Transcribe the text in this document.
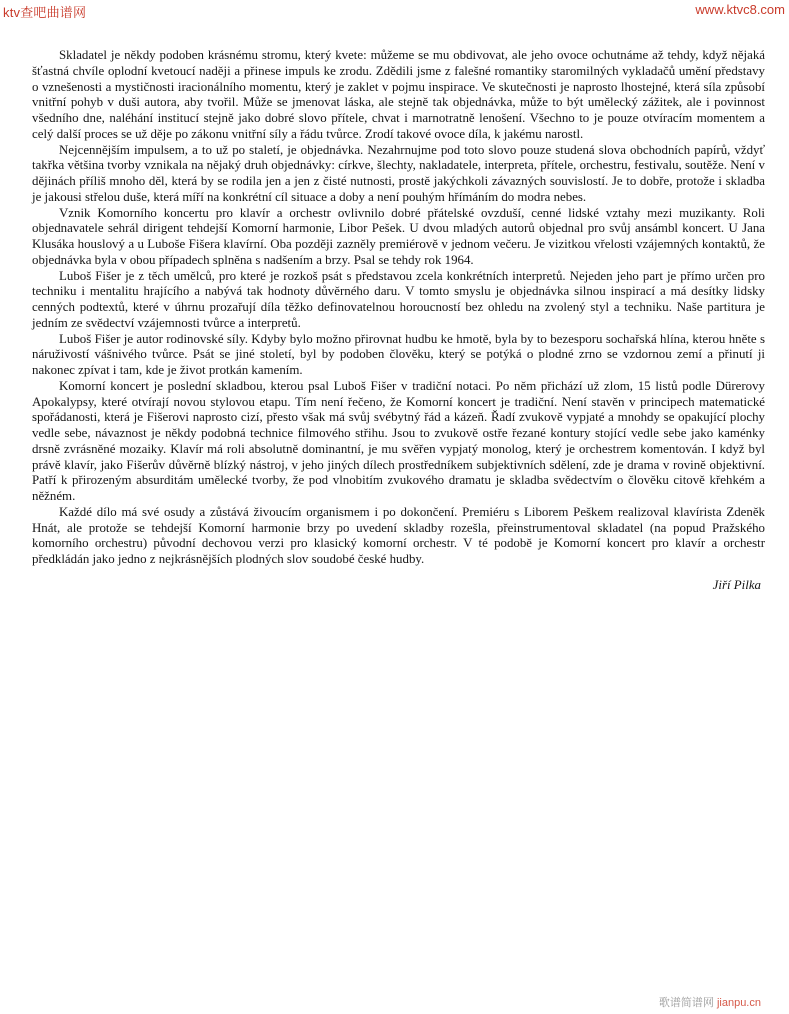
ktv查吧曲谱网	www.ktvc8.com
歌谱简谱网 jianpu.cn

Skladatel je někdy podoben krásnému stromu, který kvete: můžeme se mu obdivovat, ale jeho ovoce ochutnáme až tehdy, když nějaká šťastná chvíle oplodní kvetoucí naději a přinese impuls ke zrodu. Zdědili jsme z falešné romantiky staromilných vykladačů umění představy o vznešenosti a mystičnosti iracionálního momentu, který je zaklet v pojmu inspirace. Ve skutečnosti je naprosto lhostejné, která síla způsobí vnitřní pohyb v duši autora, aby tvořil. Může se jmenovat láska, ale stejně tak objednávka, může to být umělecký zážitek, ale i povinnost všedního dne, naléhání institucí stejně jako dobré slovo přítele, chvat i marnotratně lenošení. Všechno to je pouze otvíracím momentem a celý další proces se už děje po zákonu vnitřní síly a řádu tvůrce. Zrodí takové ovoce díla, k jakému narostl.

Nejcennějším impulsem, a to už po staletí, je objednávka. Nezahrnujme pod toto slovo pouze studená slova obchodních papírů, vždyť takřka většina tvorby vznikala na nějaký druh objednávky: církve, šlechty, nakladatele, interpreta, přítele, orchestru, festivalu, soutěže. Není v dějinách příliš mnoho děl, která by se rodila jen a jen z čisté nutnosti, prostě jakýchkoli závazných souvislostí. Je to dobře, protože i skladba je jakousi střelou duše, která míří na konkrétní cíl situace a doby a není pouhým hřímáním do modra nebes.

Vznik Komorního koncertu pro klavír a orchestr ovlivnilo dobré přátelské ovzduší, cenné lidské vztahy mezi muzikanty. Roli objednavatele sehrál dirigent tehdejší Komorní harmonie, Libor Pešek. U dvou mladých autorů objednal pro svůj ansámbl koncert. U Jana Klusáka houslový a u Luboše Fišera klavírní. Oba později zazněly premiérově v jednom večeru. Je vizitkou vřelosti vzájemných kontaktů, že objednávka byla v obou případech splněna s nadšením a brzy. Psal se tehdy rok 1964.

Luboš Fišer je z těch umělců, pro které je rozkoš psát s představou zcela konkrétních interpretů. Nejeden jeho part je přímo určen pro techniku i mentalitu hrajícího a nabývá tak hodnoty důvěrného daru. V tomto smyslu je objednávka silnou inspirací a má desítky lidsky cenných podtextů, které v úhrnu prozařují díla těžko definovatelnou horoucností bez ohledu na zvolený styl a techniku. Naše partitura je jedním ze svědectví vzájemnosti tvůrce a interpretů.

Luboš Fišer je autor rodinovské síly. Kdyby bylo možno přirovnat hudbu ke hmotě, byla by to bezesporu sochařská hlína, kterou hněte s náruživostí vášnivého tvůrce. Psát se jiné století, byl by podoben člověku, který se potýká o plodné zrno se vzdornou zemí a přinutí ji nakonec zpívat i tam, kde je život protkán kamením.

Komorní koncert je poslední skladbou, kterou psal Luboš Fišer v tradiční notaci. Po něm přichází už zlom, 15 listů podle Dürerovy Apokalypsy, které otvírají novou stylovou etapu. Tím není řečeno, že Komorní koncert je tradiční. Není stavěn v principech matematické spořádanosti, která je Fišerovi naprosto cizí, přesto však má svůj svébytný řád a kázeň. Řadí zvukově vypjaté a mnohdy se opakující plochy vedle sebe, návaznost je někdy podobná technice filmového střihu. Jsou to zvukově ostře řezané kontury stojící vedle sebe jako kaménky drsně zvrásněné mozaiky. Klavír má roli absolutně dominantní, je mu svěřen vypjatý monolog, který je orchestrem komentován. I když byl právě klavír, jako Fišerův důvěrně blízký nástroj, v jeho jiných dílech prostředníkem subjektivních sdělení, zde je drama v rovině objektivní. Patří k přirozeným absurditám umělecké tvorby, že pod vlnobitím zvukového dramatu je skladba svědectvím o člověku citově křehkém a něžném.

Každé dílo má své osudy a zůstává živoucím organismem i po dokončení. Premiéru s Liborem Peškem realizoval klavírista Zdeněk Hnát, ale protože se tehdejší Komorní harmonie brzy po uvedení skladby rozešla, přeinstrumentoval skladatel (na popud Pražského komorního orchestru) původní dechovou verzi pro klasický komorní orchestr. V té podobě je Komorní koncert pro klavír a orchestr předkládán jako jedno z nejkrásnějších plodných slov soudobé české hudby.

Jiří Pilka
